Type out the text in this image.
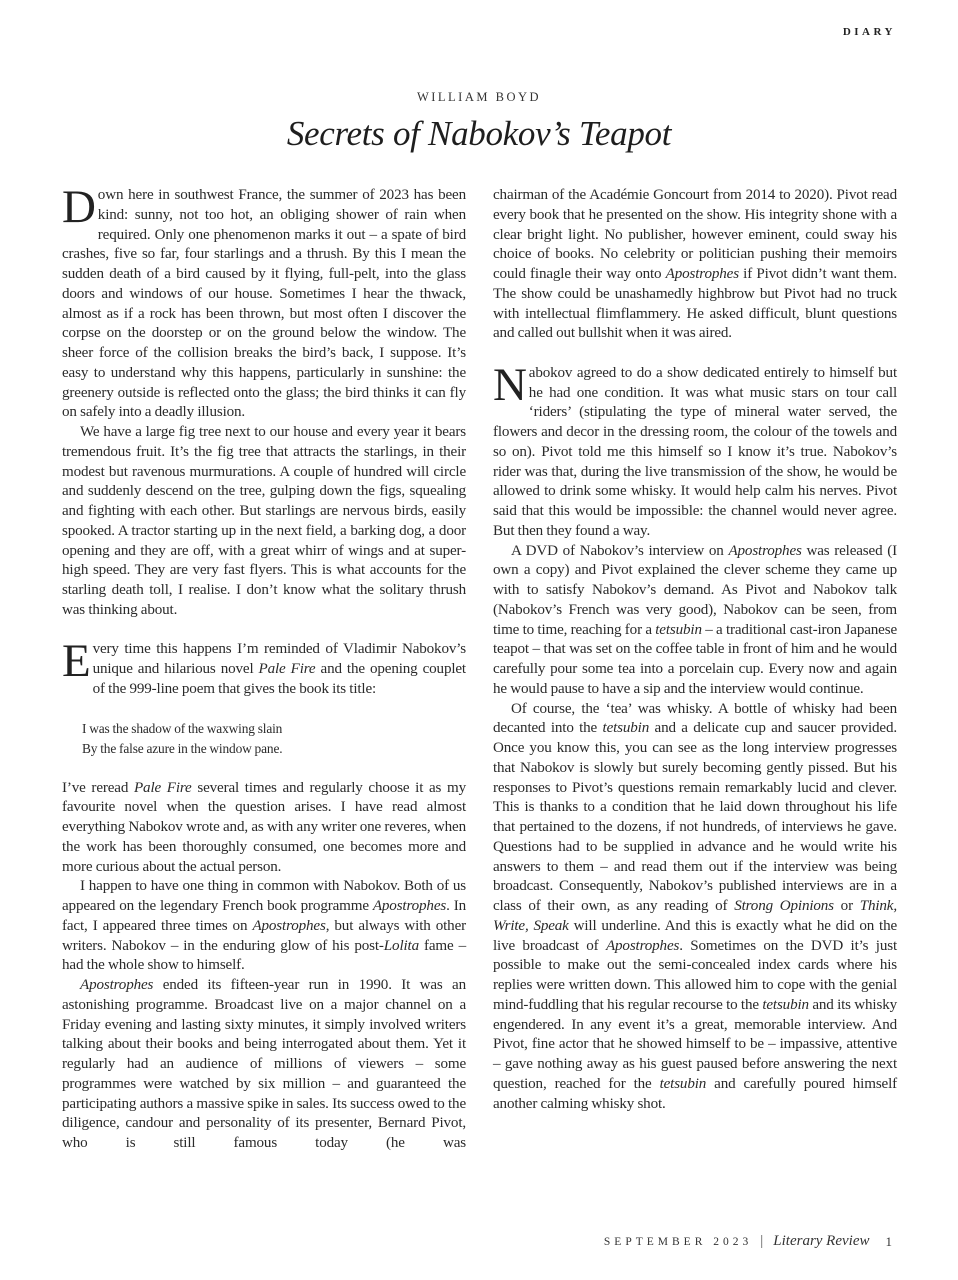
DIARY
WILLIAM BOYD
Secrets of Nabokov’s Teapot

Down here in southwest France, the summer of 2023 has been kind: sunny, not too hot, an obliging shower of rain when required. Only one phenomenon marks it out – a spate of bird crashes, five so far, four starlings and a thrush. By this I mean the sudden death of a bird caused by it flying, full-pelt, into the glass doors and windows of our house. Sometimes I hear the thwack, almost as if a rock has been thrown, but most often I discover the corpse on the doorstep or on the ground below the window. The sheer force of the collision breaks the bird’s back, I suppose. It’s easy to understand why this happens, particularly in sunshine: the greenery outside is reflected onto the glass; the bird thinks it can fly on safely into a deadly illusion.

We have a large fig tree next to our house and every year it bears tremendous fruit. It’s the fig tree that attracts the starlings, in their modest but ravenous murmurations. A couple of hundred will circle and suddenly descend on the tree, gulping down the figs, squealing and fighting with each other. But starlings are nervous birds, easily spooked. A tractor starting up in the next field, a barking dog, a door opening and they are off, with a great whirr of wings and at super-high speed. They are very fast flyers. This is what accounts for the starling death toll, I realise. I don’t know what the solitary thrush was thinking about.

Every time this happens I’m reminded of Vladimir Nabokov’s unique and hilarious novel Pale Fire and the opening couplet of the 999-line poem that gives the book its title:

I was the shadow of the waxwing slain
By the false azure in the window pane.

I’ve reread Pale Fire several times and regularly choose it as my favourite novel when the question arises. I have read almost everything Nabokov wrote and, as with any writer one reveres, when the work has been thoroughly consumed, one becomes more and more curious about the actual person.

I happen to have one thing in common with Nabokov. Both of us appeared on the legendary French book programme Apostrophes. In fact, I appeared three times on Apostrophes, but always with other writers. Nabokov – in the enduring glow of his post-Lolita fame – had the whole show to himself.

Apostrophes ended its fifteen-year run in 1990. It was an astonishing programme. Broadcast live on a major channel on a Friday evening and lasting sixty minutes, it simply involved writers talking about their books and being interrogated about them. Yet it regularly had an audience of millions of viewers – some programmes were watched by six million – and guaranteed the participating authors a massive spike in sales. Its success owed to the diligence, candour and personality of its presenter, Bernard Pivot, who is still famous today (he was

chairman of the Académie Goncourt from 2014 to 2020). Pivot read every book that he presented on the show. His integrity shone with a clear bright light. No publisher, however eminent, could sway his choice of books. No celebrity or politician pushing their memoirs could finagle their way onto Apostrophes if Pivot didn’t want them. The show could be unashamedly highbrow but Pivot had no truck with intellectual flimflammery. He asked difficult, blunt questions and called out bullshit when it was aired.

Nabokov agreed to do a show dedicated entirely to himself but he had one condition. It was what music stars on tour call ‘riders’ (stipulating the type of mineral water served, the flowers and decor in the dressing room, the colour of the towels and so on). Pivot told me this himself so I know it’s true. Nabokov’s rider was that, during the live transmission of the show, he would be allowed to drink some whisky. It would help calm his nerves. Pivot said that this would be impossible: the channel would never agree. But then they found a way.

A DVD of Nabokov’s interview on Apostrophes was released (I own a copy) and Pivot explained the clever scheme they came up with to satisfy Nabokov’s demand. As Pivot and Nabokov talk (Nabokov’s French was very good), Nabokov can be seen, from time to time, reaching for a tetsubin – a traditional cast-iron Japanese teapot – that was set on the coffee table in front of him and he would carefully pour some tea into a porcelain cup. Every now and again he would pause to have a sip and the interview would continue.

Of course, the ‘tea’ was whisky. A bottle of whisky had been decanted into the tetsubin and a delicate cup and saucer provided. Once you know this, you can see as the long interview progresses that Nabokov is slowly but surely becoming gently pissed. But his responses to Pivot’s questions remain remarkably lucid and clever. This is thanks to a condition that he laid down throughout his life that pertained to the dozens, if not hundreds, of interviews he gave. Questions had to be supplied in advance and he would write his answers to them – and read them out if the interview was being broadcast. Consequently, Nabokov’s published interviews are in a class of their own, as any reading of Strong Opinions or Think, Write, Speak will underline. And this is exactly what he did on the live broadcast of Apostrophes. Sometimes on the DVD it’s just possible to make out the semi-concealed index cards where his replies were written down. This allowed him to cope with the genial mind-fuddling that his regular recourse to the tetsubin and its whisky engendered. In any event it’s a great, memorable interview. And Pivot, fine actor that he showed himself to be – impassive, attentive – gave nothing away as his guest paused before answering the next question, reached for the tetsubin and carefully poured himself another calming whisky shot.

SEPTEMBER 2023 | Literary Review 1
